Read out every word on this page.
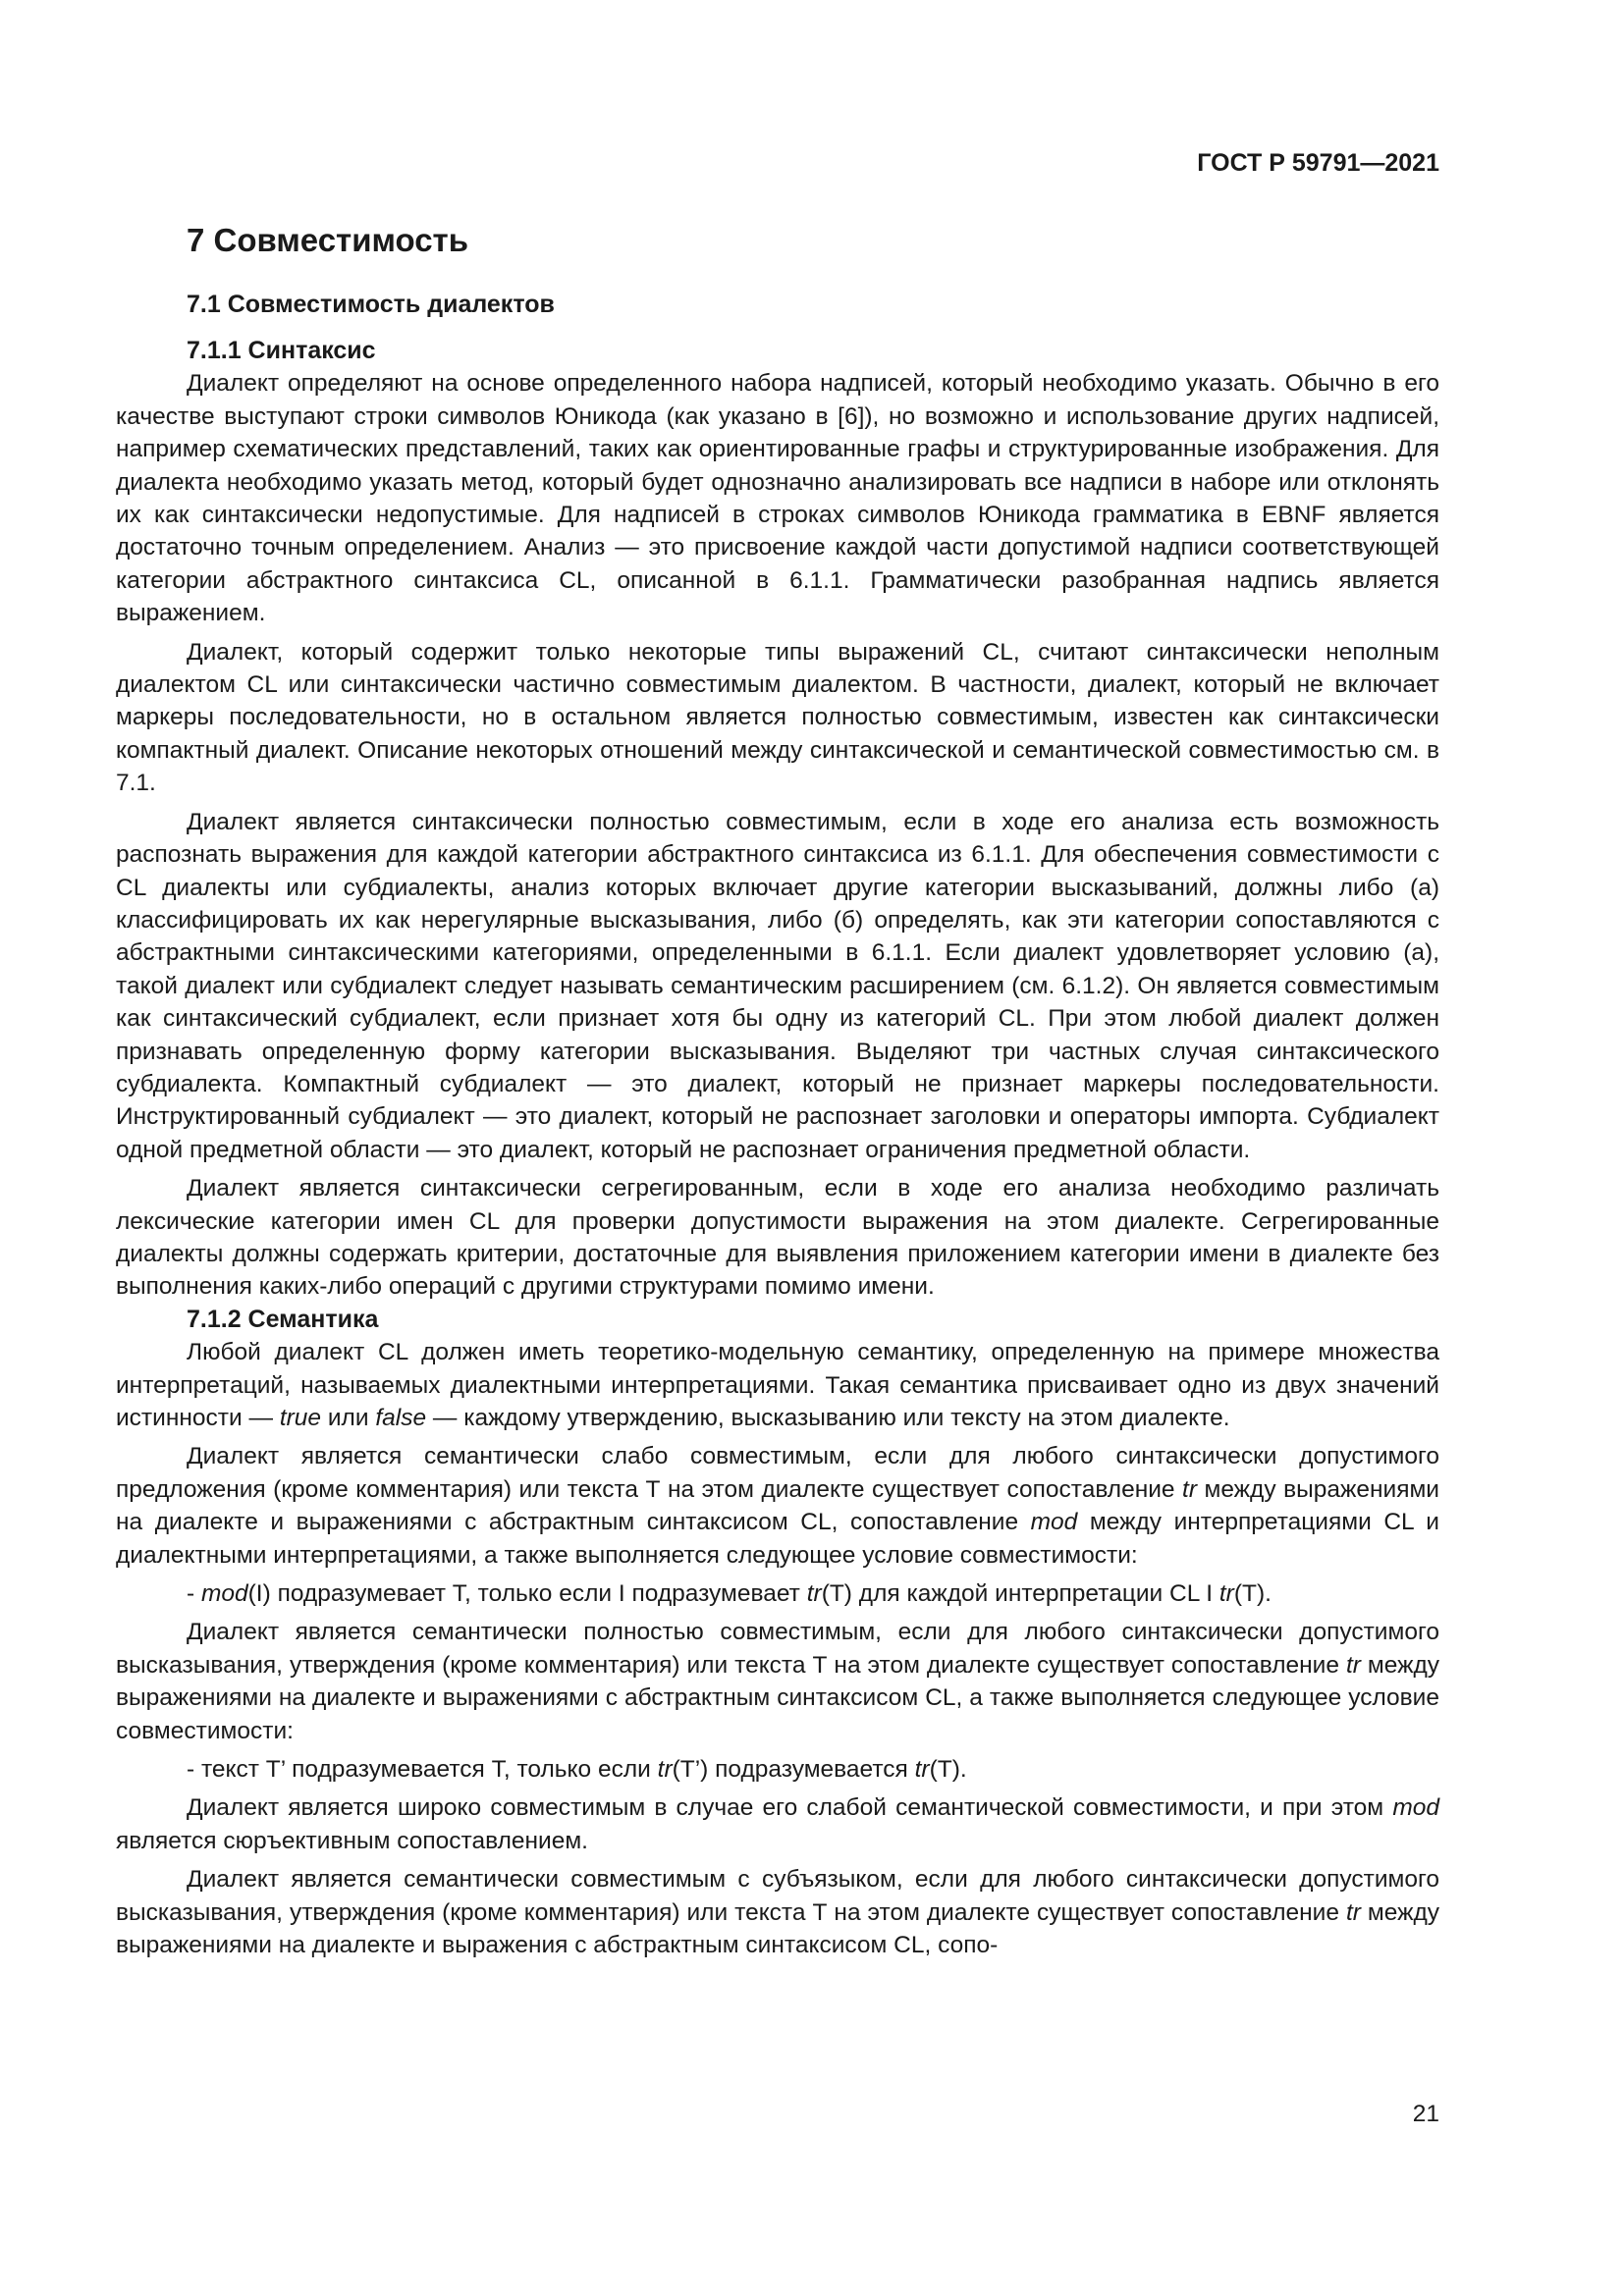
ГОСТ Р 59791—2021
7 Совместимость
7.1 Совместимость диалектов
7.1.1 Синтаксис

Диалект определяют на основе определенного набора надписей, который необходимо указать. Обычно в его качестве выступают строки символов Юникода (как указано в [6]), но возможно и использование других надписей, например схематических представлений, таких как ориентированные графы и структурированные изображения. Для диалекта необходимо указать метод, который будет однозначно анализировать все надписи в наборе или отклонять их как синтаксически недопустимые. Для надписей в строках символов Юникода грамматика в EBNF является достаточно точным определением. Анализ — это присвоение каждой части допустимой надписи соответствующей категории абстрактного синтаксиса CL, описанной в 6.1.1. Грамматически разобранная надпись является выражением.

Диалект, который содержит только некоторые типы выражений CL, считают синтаксически неполным диалектом CL или синтаксически частично совместимым диалектом. В частности, диалект, который не включает маркеры последовательности, но в остальном является полностью совместимым, известен как синтаксически компактный диалект. Описание некоторых отношений между синтаксической и семантической совместимостью см. в 7.1.

Диалект является синтаксически полностью совместимым, если в ходе его анализа есть возможность распознать выражения для каждой категории абстрактного синтаксиса из 6.1.1. Для обеспечения совместимости с CL диалекты или субдиалекты, анализ которых включает другие категории высказываний, должны либо (а) классифицировать их как нерегулярные высказывания, либо (б) определять, как эти категории сопоставляются с абстрактными синтаксическими категориями, определенными в 6.1.1. Если диалект удовлетворяет условию (а), такой диалект или субдиалект следует называть семантическим расширением (см. 6.1.2). Он является совместимым как синтаксический субдиалект, если признает хотя бы одну из категорий CL. При этом любой диалект должен признавать определенную форму категории высказывания. Выделяют три частных случая синтаксического субдиалекта. Компактный субдиалект — это диалект, который не признает маркеры последовательности. Инструктированный субдиалект — это диалект, который не распознает заголовки и операторы импорта. Субдиалект одной предметной области — это диалект, который не распознает ограничения предметной области.

Диалект является синтаксически сегрегированным, если в ходе его анализа необходимо различать лексические категории имен CL для проверки допустимости выражения на этом диалекте. Сегрегированные диалекты должны содержать критерии, достаточные для выявления приложением категории имени в диалекте без выполнения каких-либо операций с другими структурами помимо имени.

7.1.2 Семантика

Любой диалект CL должен иметь теоретико-модельную семантику, определенную на примере множества интерпретаций, называемых диалектными интерпретациями. Такая семантика присваивает одно из двух значений истинности — true или false — каждому утверждению, высказыванию или тексту на этом диалекте.

Диалект является семантически слабо совместимым, если для любого синтаксически допустимого предложения (кроме комментария) или текста Т на этом диалекте существует сопоставление tr между выражениями на диалекте и выражениями с абстрактным синтаксисом CL, сопоставление mod между интерпретациями CL и диалектными интерпретациями, а также выполняется следующее условие совместимости:

- mod(I) подразумевает Т, только если I подразумевает tr(Т) для каждой интерпретации CL I tr(Т).

Диалект является семантически полностью совместимым, если для любого синтаксически допустимого высказывания, утверждения (кроме комментария) или текста Т на этом диалекте существует сопоставление tr между выражениями на диалекте и выражениями с абстрактным синтаксисом CL, а также выполняется следующее условие совместимости:

- текст Т’ подразумевается Т, только если tr(Т’) подразумевается tr(Т).

Диалект является широко совместимым в случае его слабой семантической совместимости, и при этом mod является сюръективным сопоставлением.

Диалект является семантически совместимым с субъязыком, если для любого синтаксически допустимого высказывания, утверждения (кроме комментария) или текста Т на этом диалекте существует сопоставление tr между выражениями на диалекте и выражения с абстрактным синтаксисом CL, сопо-

21
